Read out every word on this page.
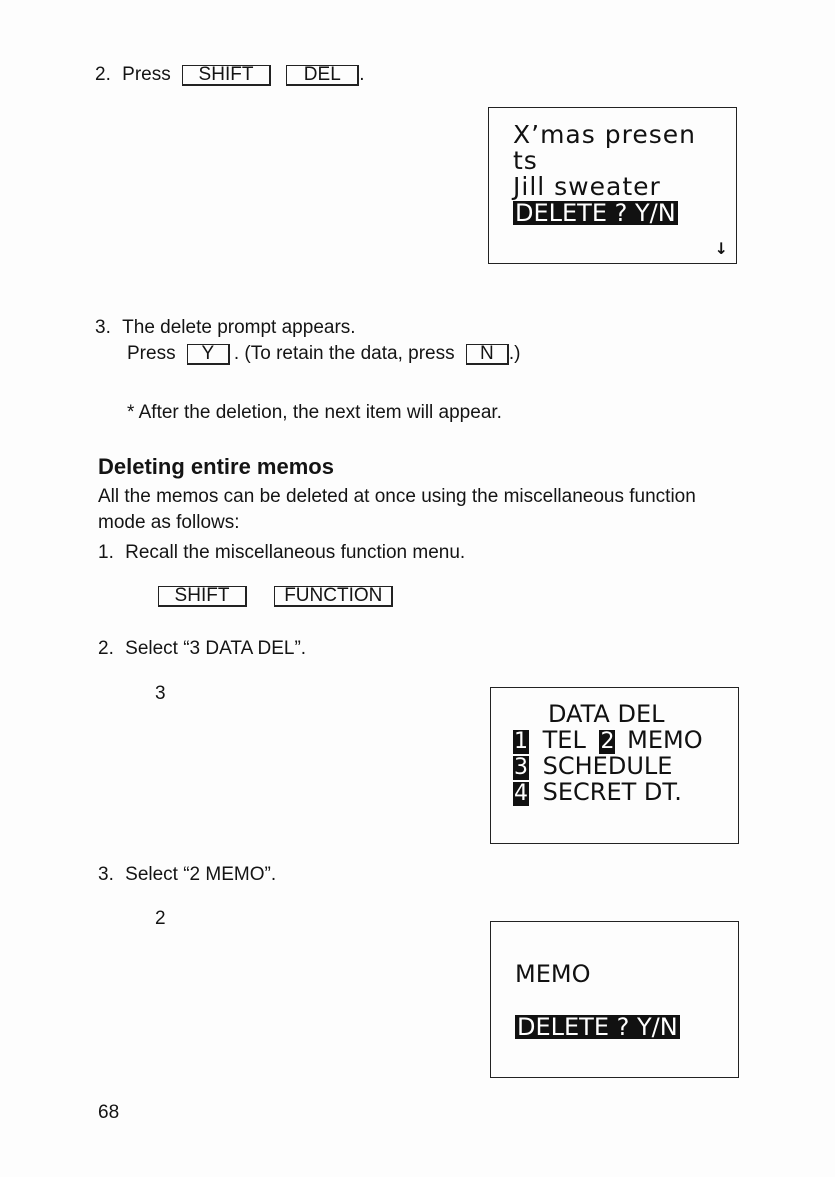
2. Press SHIFT	DEL .
X’mas presen
ts
Jill sweater
DELETE ? Y/N
↓
3. The delete prompt appears.
Press Y . (To retain the data, press N .)
* After the deletion, the next item will appear.
Deleting entire memos
All the memos can be deleted at once using the miscellaneous function
mode as follows:
1. Recall the miscellaneous function menu.
SHIFT	FUNCTION
2. Select “3 DATA DEL”.
3
DATA DEL
1 TEL 2 MEMO
3 SCHEDULE
4 SECRET DT.
3. Select “2 MEMO”.
2
MEMO
DELETE ? Y/N
68
